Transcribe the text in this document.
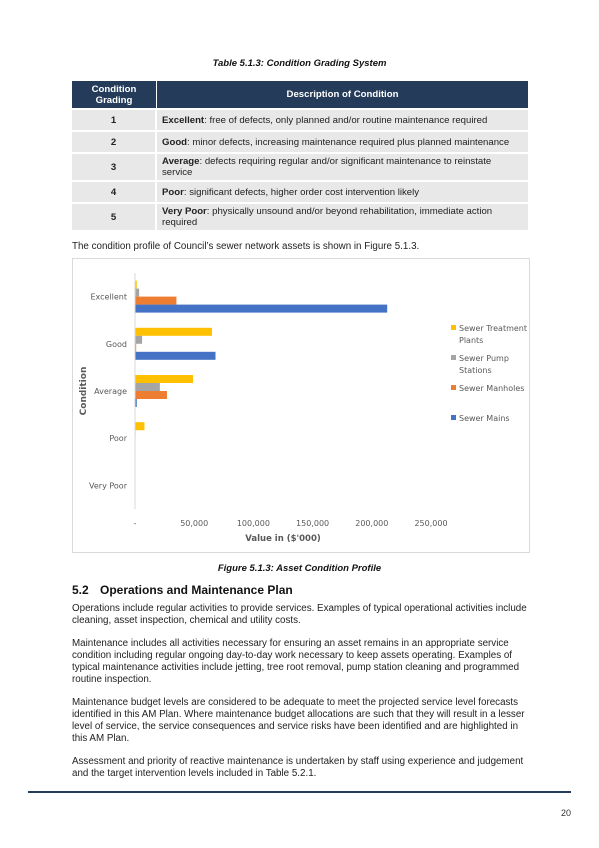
Table 5.1.3: Condition Grading System
Condition Grading	Description of Condition
1	Excellent: free of defects, only planned and/or routine maintenance required
2	Good: minor defects, increasing maintenance required plus planned maintenance
3	Average: defects requiring regular and/or significant maintenance to reinstate service
4	Poor: significant defects, higher order cost intervention likely
5	Very Poor: physically unsound and/or beyond rehabilitation, immediate action required

The condition profile of Council’s sewer network assets is shown in Figure 5.1.3.

Excellent
Good
Average
Poor
Very Poor
-	50,000	100,000	150,000	200,000	250,000
Value in ($'000)
Condition
Sewer Treatment
Plants
Sewer Pump
Stations
Sewer Manholes
Sewer Mains
Figure 5.1.3: Asset Condition Profile
5.2 Operations and Maintenance Plan

Operations include regular activities to provide services. Examples of typical operational activities include cleaning, asset inspection, chemical and utility costs.

Maintenance includes all activities necessary for ensuring an asset remains in an appropriate service condition including regular ongoing day-to-day work necessary to keep assets operating. Examples of typical maintenance activities include jetting, tree root removal, pump station cleaning and programmed routine inspection.

Maintenance budget levels are considered to be adequate to meet the projected service level forecasts identified in this AM Plan. Where maintenance budget allocations are such that they will result in a lesser level of service, the service consequences and service risks have been identified and are highlighted in this AM Plan.

Assessment and priority of reactive maintenance is undertaken by staff using experience and judgement and the target intervention levels included in Table 5.2.1.

20
